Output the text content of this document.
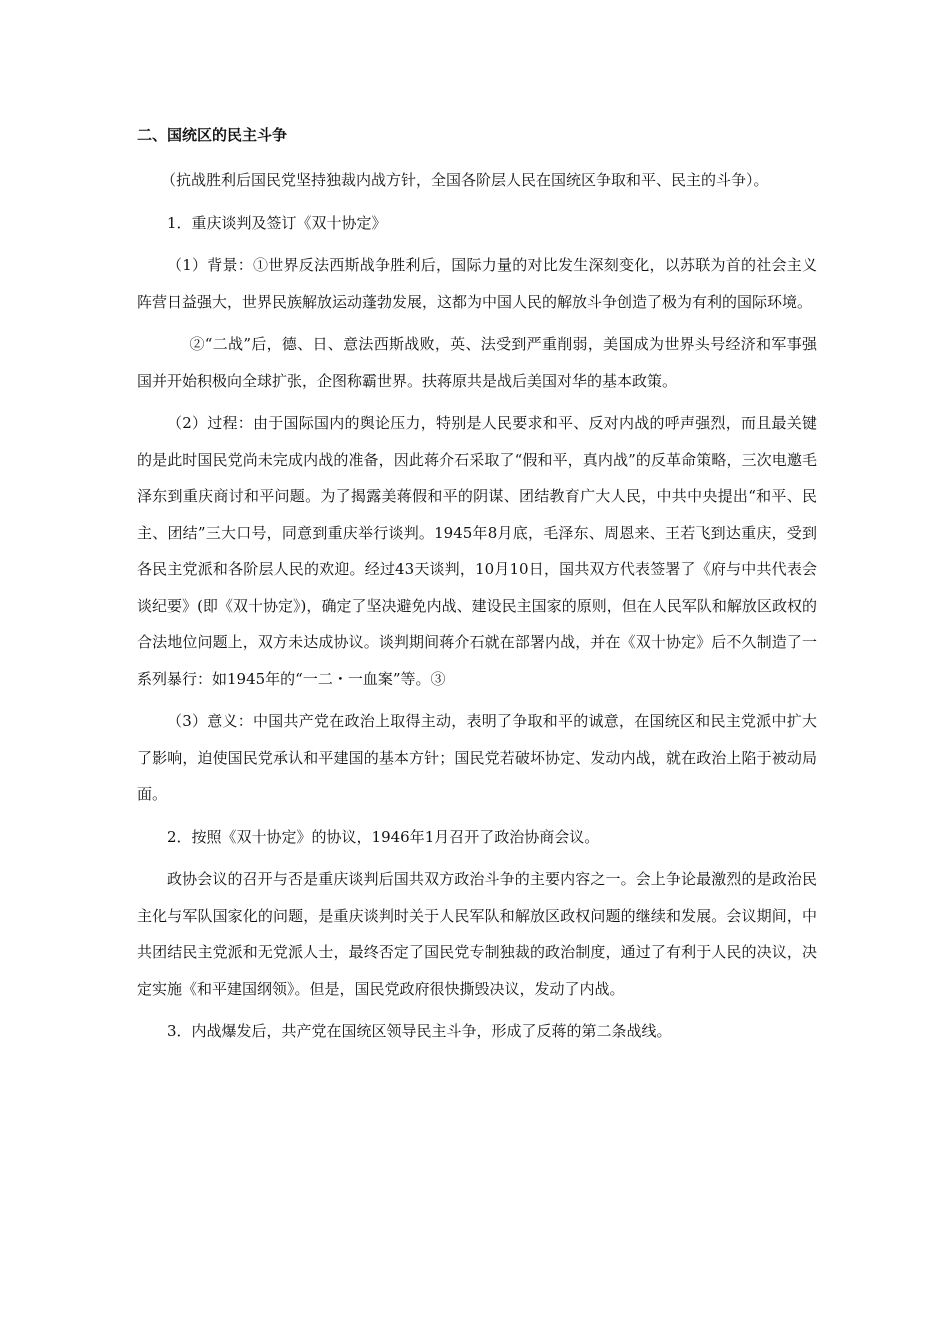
二、国统区的民主斗争

（抗战胜利后国民党坚持独裁内战方针，全国各阶层人民在国统区争取和平、民主的斗争）。

1．重庆谈判及签订《双十协定》

（1）背景：①世界反法西斯战争胜利后，国际力量的对比发生深刻变化，以苏联为首的社会主义阵营日益强大，世界民族解放运动蓬勃发展，这都为中国人民的解放斗争创造了极为有利的国际环境。

②“二战”后，德、日、意法西斯战败，英、法受到严重削弱，美国成为世界头号经济和军事强国并开始积极向全球扩张，企图称霸世界。扶蒋原共是战后美国对华的基本政策。

（2）过程：由于国际国内的舆论压力，特别是人民要求和平、反对内战的呼声强烈，而且最关键的是此时国民党尚未完成内战的准备，因此蒋介石采取了“假和平，真内战”的反革命策略，三次电邀毛泽东到重庆商讨和平问题。为了揭露美蒋假和平的阴谋、团结教育广大人民，中共中央提出“和平、民主、团结”三大口号，同意到重庆举行谈判。1945年8月底，毛泽东、周恩来、王若飞到达重庆，受到各民主党派和各阶层人民的欢迎。经过43天谈判，10月10日，国共双方代表签署了《府与中共代表会谈纪要》(即《双十协定》)，确定了坚决避免内战、建设民主国家的原则，但在人民军队和解放区政权的合法地位问题上，双方未达成协议。谈判期间蒋介石就在部署内战，并在《双十协定》后不久制造了一系列暴行：如1945年的“一二・一血案”等。③

（3）意义：中国共产党在政治上取得主动，表明了争取和平的诚意，在国统区和民主党派中扩大了影响，迫使国民党承认和平建国的基本方针；国民党若破坏协定、发动内战，就在政治上陷于被动局面。

2．按照《双十协定》的协议，1946年1月召开了政治协商会议。

政协会议的召开与否是重庆谈判后国共双方政治斗争的主要内容之一。会上争论最激烈的是政治民主化与军队国家化的问题，是重庆谈判时关于人民军队和解放区政权问题的继续和发展。会议期间，中共团结民主党派和无党派人士，最终否定了国民党专制独裁的政治制度，通过了有利于人民的决议，决定实施《和平建国纲领》。但是，国民党政府很快撕毁决议，发动了内战。

3．内战爆发后，共产党在国统区领导民主斗争，形成了反蒋的第二条战线。
